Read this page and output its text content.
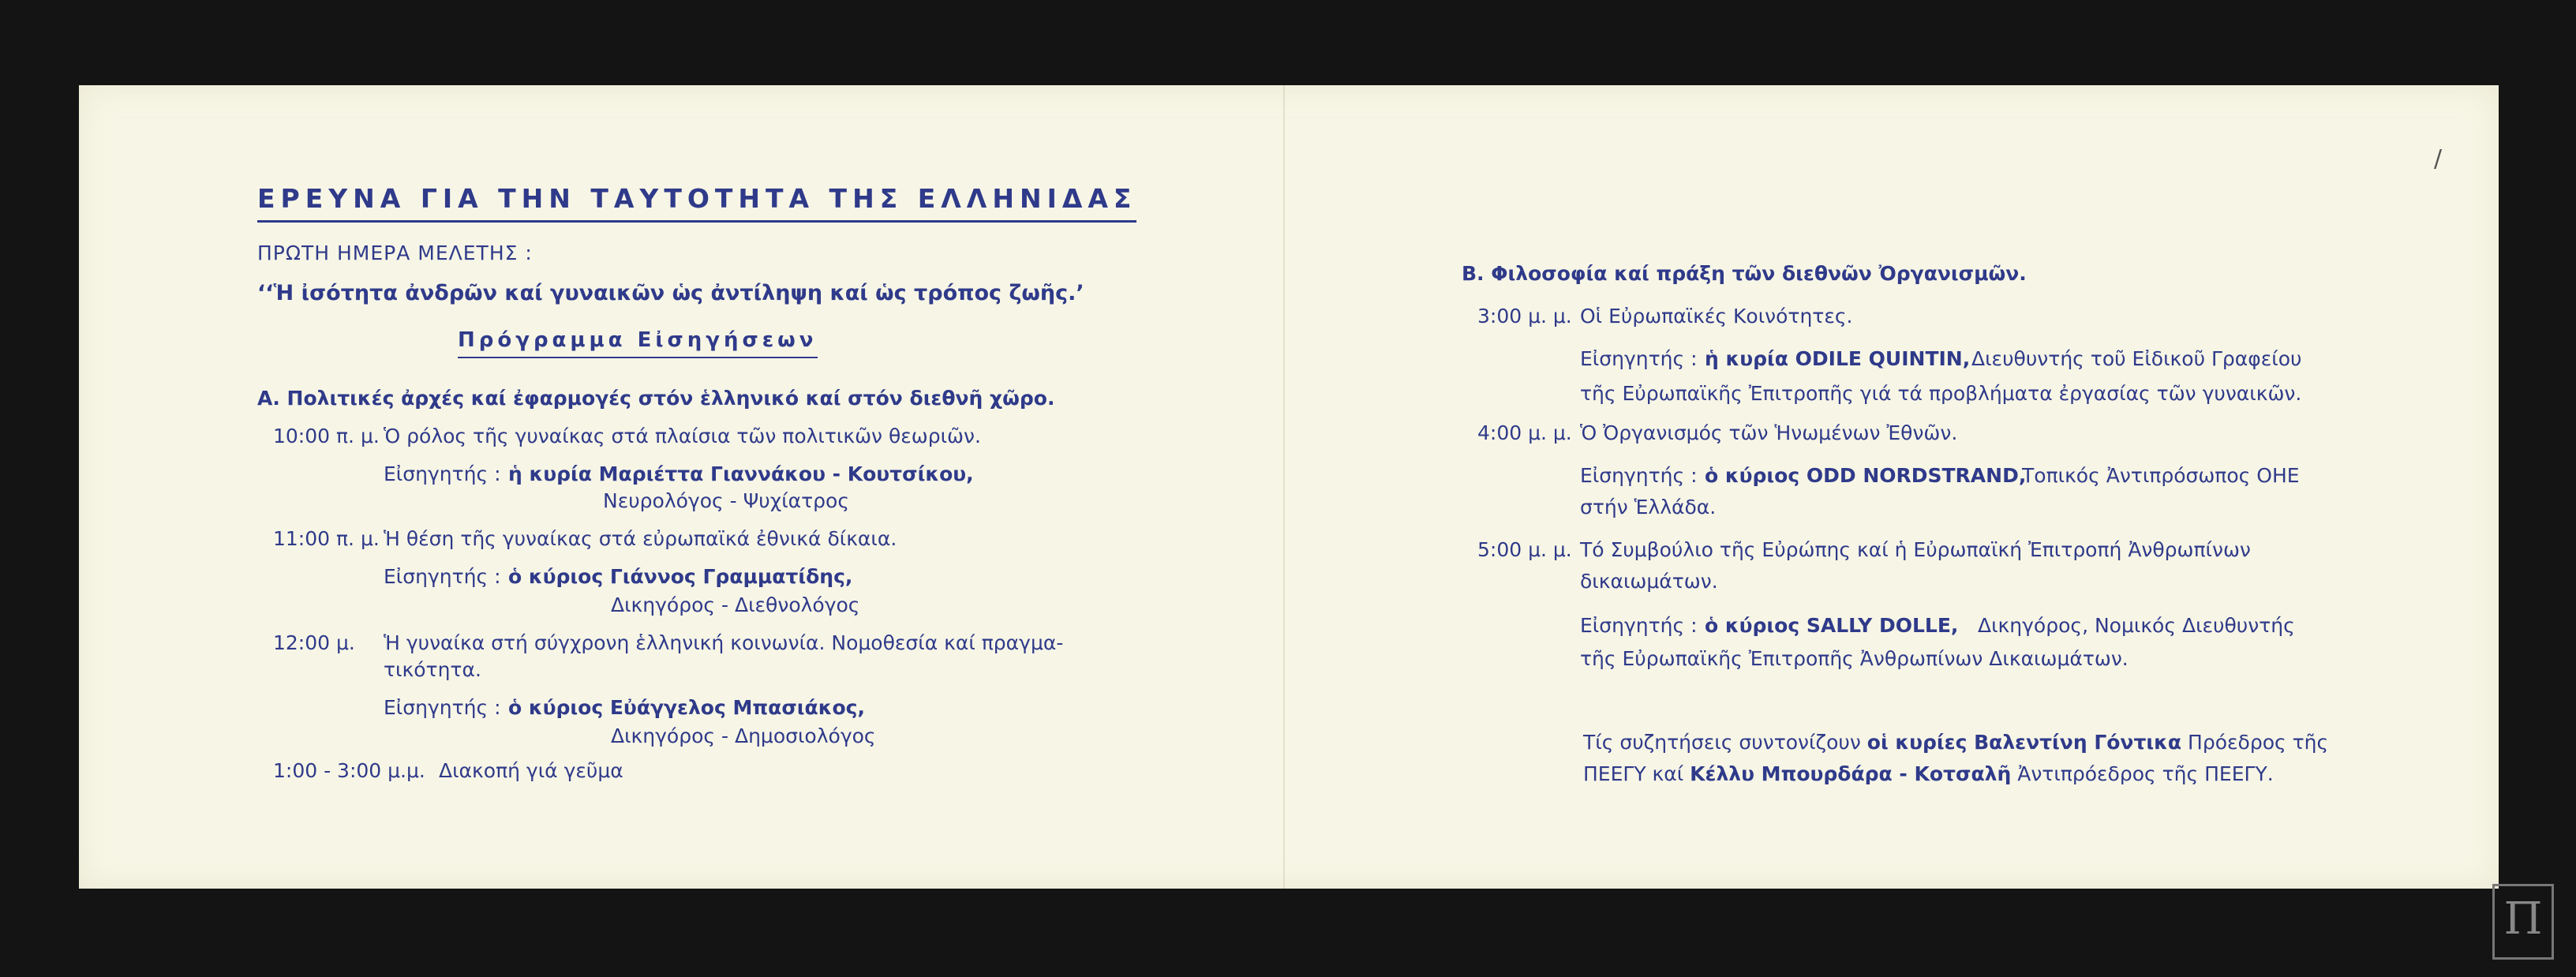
ΕΡΕΥΝΑ ΓΙΑ ΤΗΝ ΤΑΥΤΟΤΗΤΑ ΤΗΣ ΕΛΛΗΝΙΔΑΣ
ΠΡΩΤΗ ΗΜΕΡΑ ΜΕΛΕΤΗΣ :
‘‘Ἡ ἰσότητα ἀνδρῶν καί γυναικῶν ὡς ἀντίληψη καί ὡς τρόπος ζωῆς.’
Πρόγραμμα Εἰσηγήσεων
Α. Πολιτικές ἀρχές καί ἐφαρμογές στόν ἑλληνικό καί στόν διεθνῆ χῶρο.
10:00 π. μ. Ὁ ρόλος τῆς γυναίκας στά πλαίσια τῶν πολιτικῶν θεωριῶν.
Εἰσηγητής : ἡ κυρία Μαριέττα Γιαννάκου - Κουτσίκου,
Νευρολόγος - Ψυχίατρος
11:00 π. μ. Ἡ θέση τῆς γυναίκας στά εὐρωπαϊκά ἐθνικά δίκαια.
Εἰσηγητής : ὁ κύριος Γιάννος Γραμματίδης,
Δικηγόρος - Διεθνολόγος
12:00 μ. Ἡ γυναίκα στή σύγχρονη ἑλληνική κοινωνία. Νομοθεσία καί πραγμα-
τικότητα.
Εἰσηγητής : ὁ κύριος Εὐάγγελος Μπασιάκος,
Δικηγόρος - Δημοσιολόγος
1:00 - 3:00 μ.μ. Διακοπή γιά γεῦμα
Β. Φιλοσοφία καί πράξη τῶν διεθνῶν Ὀργανισμῶν.
3:00 μ. μ. Οἱ Εὐρωπαϊκές Κοινότητες.
Εἰσηγητής : ἡ κυρία ODILE QUINTIN, Διευθυντής τοῦ Εἰδικοῦ Γραφείου
τῆς Εὐρωπαϊκῆς Ἐπιτροπῆς γιά τά προβλήματα ἐργασίας τῶν γυναικῶν.
4:00 μ. μ. Ὁ Ὀργανισμός τῶν Ἡνωμένων Ἐθνῶν.
Εἰσηγητής : ὁ κύριος ODD NORDSTRAND,
Τοπικός Ἀντιπρόσωπος ΟΗΕ
στήν Ἑλλάδα.
5:00 μ. μ. Τό Συμβούλιο τῆς Εὐρώπης καί ἡ Εὐρωπαϊκή Ἐπιτροπή Ἀνθρωπίνων
δικαιωμάτων.
Εἰσηγητής : ὁ κύριος SALLY DOLLE, Δικηγόρος, Νομικός Διευθυντής
τῆς Εὐρωπαϊκῆς Ἐπιτροπῆς Ἀνθρωπίνων Δικαιωμάτων.
Τίς συζητήσεις συντονίζουν οἱ κυρίες Βαλεντίνη Γόντικα Πρόεδρος τῆς
ΠΕΕΓΥ καί Κέλλυ Μπουρδάρα - Κοτσαλῆ Ἀντιπρόεδρος τῆς ΠΕΕΓΥ.
/
Π
